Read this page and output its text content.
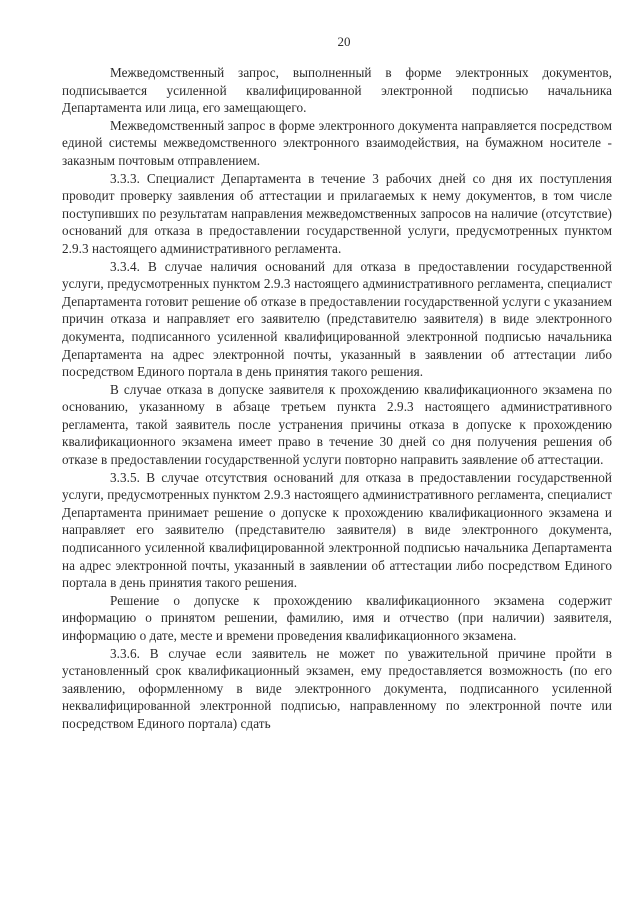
20

Межведомственный запрос, выполненный в форме электронных документов, подписывается усиленной квалифицированной электронной подписью начальника Департамента или лица, его замещающего.

Межведомственный запрос в форме электронного документа направляется посредством единой системы межведомственного электронного взаимодействия, на бумажном носителе - заказным почтовым отправлением.

3.3.3. Специалист Департамента в течение 3 рабочих дней со дня их поступления проводит проверку заявления об аттестации и прилагаемых к нему документов, в том числе поступивших по результатам направления межведомственных запросов на наличие (отсутствие) оснований для отказа в предоставлении государственной услуги, предусмотренных пунктом 2.9.3 настоящего административного регламента.

3.3.4. В случае наличия оснований для отказа в предоставлении государственной услуги, предусмотренных пунктом 2.9.3 настоящего административного регламента, специалист Департамента готовит решение об отказе в предоставлении государственной услуги с указанием причин отказа и направляет его заявителю (представителю заявителя) в виде электронного документа, подписанного усиленной квалифицированной электронной подписью начальника Департамента на адрес электронной почты, указанный в заявлении об аттестации либо посредством Единого портала в день принятия такого решения.

В случае отказа в допуске заявителя к прохождению квалификационного экзамена по основанию, указанному в абзаце третьем пункта 2.9.3 настоящего административного регламента, такой заявитель после устранения причины отказа в допуске к прохождению квалификационного экзамена имеет право в течение 30 дней со дня получения решения об отказе в предоставлении государственной услуги повторно направить заявление об аттестации.

3.3.5. В случае отсутствия оснований для отказа в предоставлении государственной услуги, предусмотренных пунктом 2.9.3 настоящего административного регламента, специалист Департамента принимает решение о допуске к прохождению квалификационного экзамена и направляет его заявителю (представителю заявителя) в виде электронного документа, подписанного усиленной квалифицированной электронной подписью начальника Департамента на адрес электронной почты, указанный в заявлении об аттестации либо посредством Единого портала в день принятия такого решения.

Решение о допуске к прохождению квалификационного экзамена содержит информацию о принятом решении, фамилию, имя и отчество (при наличии) заявителя, информацию о дате, месте и времени проведения квалификационного экзамена.

3.3.6. В случае если заявитель не может по уважительной причине пройти в установленный срок квалификационный экзамен, ему предоставляется возможность (по его заявлению, оформленному в виде электронного документа, подписанного усиленной неквалифицированной электронной подписью, направленному по электронной почте или посредством Единого портала) сдать
